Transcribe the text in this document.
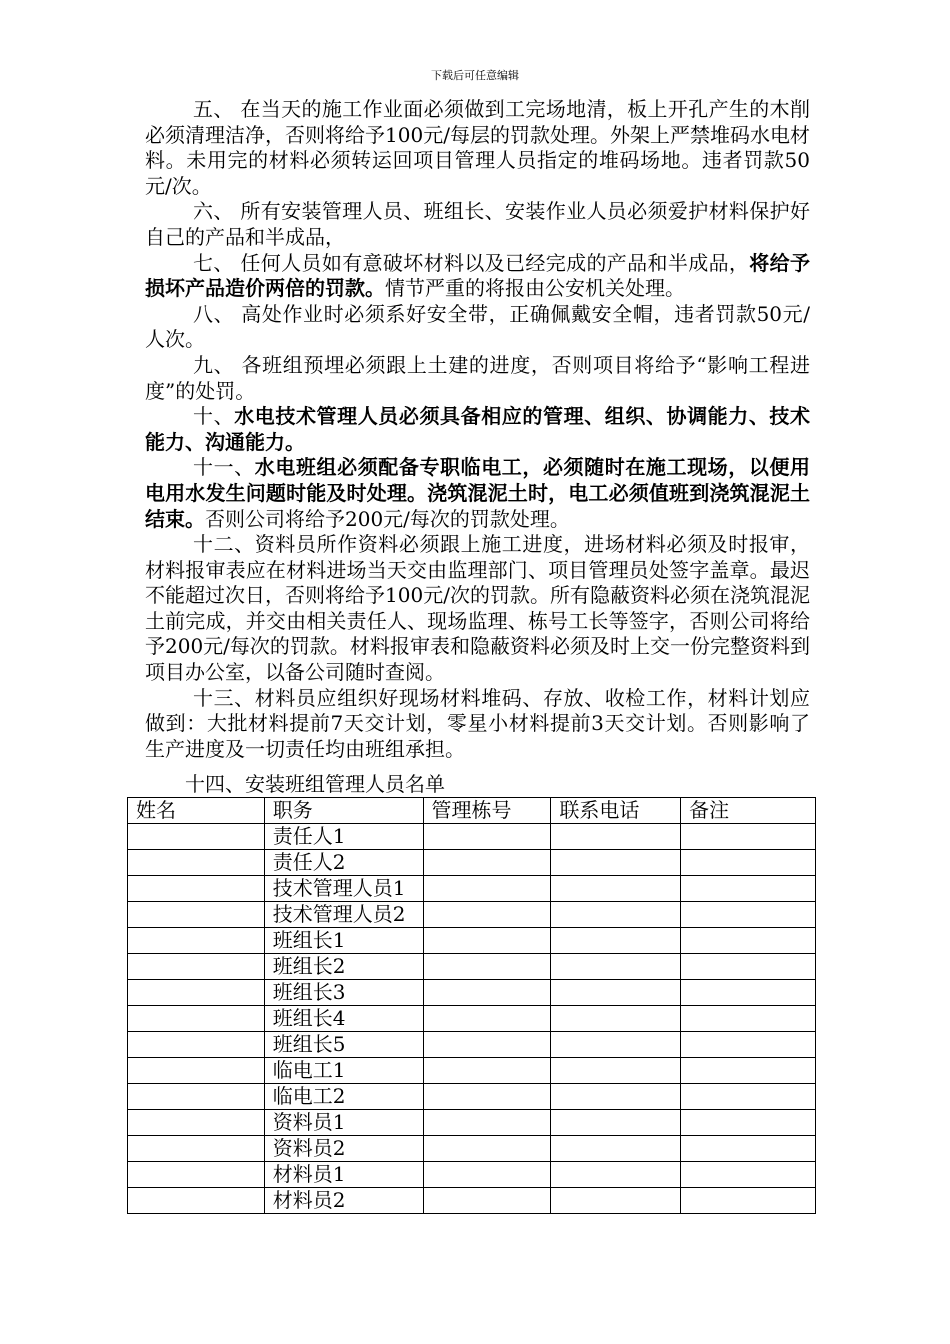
下载后可任意编辑

五、 在当天的施工作业面必须做到工完场地清，板上开孔产生的木削必须清理洁净，否则将给予100元/每层的罚款处理。外架上严禁堆码水电材料。未用完的材料必须转运回项目管理人员指定的堆码场地。违者罚款50元/次。

六、 所有安装管理人员、班组长、安装作业人员必须爱护材料保护好自己的产品和半成品，

七、 任何人员如有意破坏材料以及已经完成的产品和半成品，将给予损坏产品造价两倍的罚款。情节严重的将报由公安机关处理。

八、 高处作业时必须系好安全带，正确佩戴安全帽，违者罚款50元/人次。

九、 各班组预埋必须跟上土建的进度，否则项目将给予“影响工程进度”的处罚。

十、水电技术管理人员必须具备相应的管理、组织、协调能力、技术能力、沟通能力。

十一、水电班组必须配备专职临电工，必须随时在施工现场，以便用电用水发生问题时能及时处理。浇筑混泥土时，电工必须值班到浇筑混泥土结束。否则公司将给予200元/每次的罚款处理。

十二、资料员所作资料必须跟上施工进度，进场材料必须及时报审，材料报审表应在材料进场当天交由监理部门、项目管理员处签字盖章。最迟不能超过次日，否则将给予100元/次的罚款。所有隐蔽资料必须在浇筑混泥土前完成，并交由相关责任人、现场监理、栋号工长等签字，否则公司将给予200元/每次的罚款。材料报审表和隐蔽资料必须及时上交一份完整资料到项目办公室，以备公司随时查阅。

十三、材料员应组织好现场材料堆码、存放、收检工作，材料计划应做到：大批材料提前7天交计划，零星小材料提前3天交计划。否则影响了生产进度及一切责任均由班组承担。

十四、安装班组管理人员名单
姓名	职务	管理栋号	联系电话	备注
	责任人1			
	责任人2			
	技术管理人员1			
	技术管理人员2			
	班组长1			
	班组长2			
	班组长3			
	班组长4			
	班组长5			
	临电工1			
	临电工2			
	资料员1			
	资料员2			
	材料员1			
	材料员2			
